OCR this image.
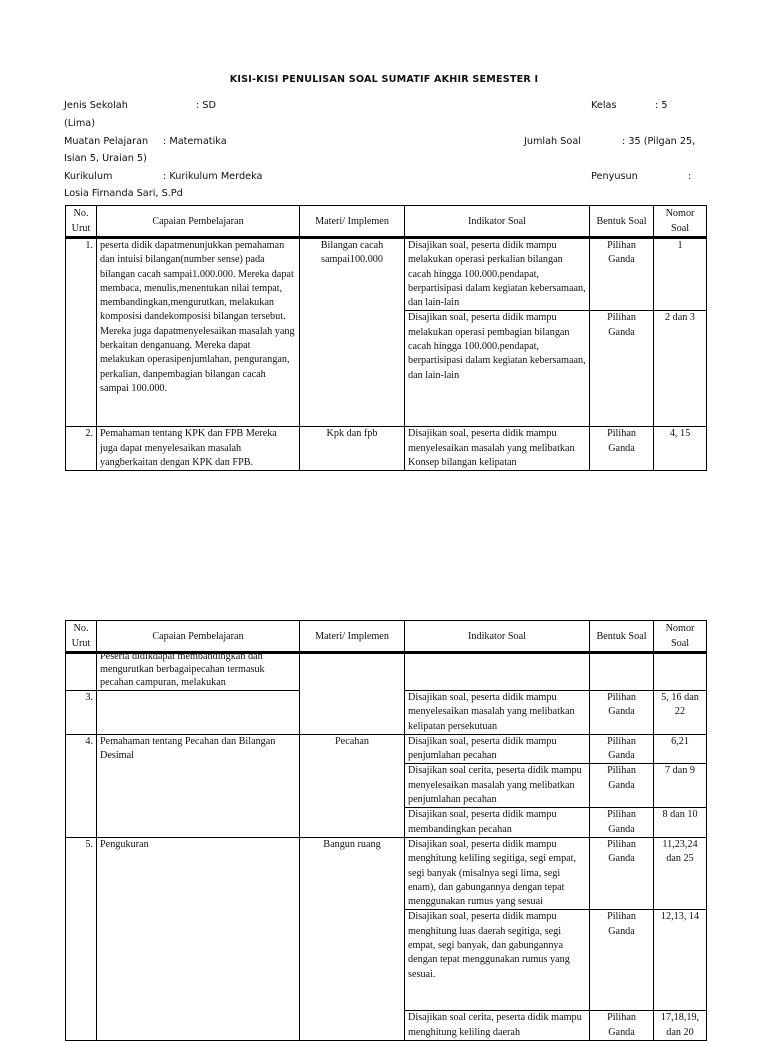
KISI-KISI PENULISAN SOAL SUMATIF AKHIR SEMESTER I
Jenis Sekolah	: SD	Kelas	: 5
(Lima)
Muatan Pelajaran : Matematika	Jumlah Soal	: 35 (Pilgan 25,
Isian 5, Uraian 5)
Kurikulum	: Kurikulum Merdeka	Penyusun	:
Losia Firnanda Sari, S.Pd
No. Urut	Capaian Pembelajaran	Materi/ Implemen	Indikator Soal	Bentuk Soal	Nomor Soal
1.	peserta didik dapatmenunjukkan pemahaman dan intuisi bilangan(number sense) pada bilangan cacah sampai1.000.000. Mereka dapat membaca, menulis,menentukan nilai tempat, membandingkan,mengurutkan, melakukan komposisi dandekomposisi bilangan tersebut. Mereka juga dapatmenyelesaikan masalah yang berkaitan denganuang. Mereka dapat melakukan operasipenjumlahan, pengurangan, perkalian, danpembagian bilangan cacah sampai 100.000.	Bilangan cacah sampai100.000	Disajikan soal, peserta didik mampu melakukan operasi perkalian bilangan cacah hingga 100.000.pendapat, berpartisipasi dalam kegiatan kebersamaan, dan lain-lain	Pilihan Ganda	1
			Disajikan soal, peserta didik mampu melakukan operasi pembagian bilangan cacah hingga 100.000.pendapat, berpartisipasi dalam kegiatan kebersamaan, dan lain-lain	Pilihan Ganda	2 dan 3
2.	Pemahaman tentang KPK dan FPB Mereka juga dapat menyelesaikan masalah yangberkaitan dengan KPK dan FPB.	Kpk dan fpb	Disajikan soal, peserta didik mampu menyelesaikan masalah yang melibatkan Konsep bilangan kelipatan	Pilihan Ganda	4, 15
No. Urut	Capaian Pembelajaran	Materi/ Implemen	Indikator Soal	Bentuk Soal	Nomor Soal

	Peserta didikdapat membandingkan dan mengurutkan berbagaipecahan termasuk pecahan campuran, melakukan				

3.			Disajikan soal, peserta didik mampu menyelesaikan masalah yang melibatkan kelipatan persekutuan	Pilihan Ganda	5, 16 dan 22
4.	Pemahaman tentang Pecahan dan Bilangan Desimal	Pecahan	Disajikan soal, peserta didik mampu penjumlahan pecahan	Pilihan Ganda	6,21
			Disajikan soal cerita, peserta didik mampu menyelesaikan masalah yang melibatkan penjumlahan pecahan	Pilihan Ganda	7 dan 9
			Disajikan soal, peserta didik mampu membandingkan pecahan	Pilihan Ganda	8 dan 10
5.	Pengukuran	Bangun ruang	Disajikan soal, peserta didik mampu menghitung keliling segitiga, segi empat, segi banyak (misalnya segi lima, segi enam), dan gabungannya dengan tepat menggunakan rumus yang sesuai	Pilihan Ganda	11,23,24 dan 25
			Disajikan soal, peserta didik mampu menghitung luas daerah segitiga, segi empat, segi banyak, dan gabungannya dengan tepat menggunakan rumus yang sesuai.	Pilihan Ganda	12,13, 14
			Disajikan soal cerita, peserta didik mampu menghitung keliling daerah	Pilihan Ganda	17,18,19, dan 20
